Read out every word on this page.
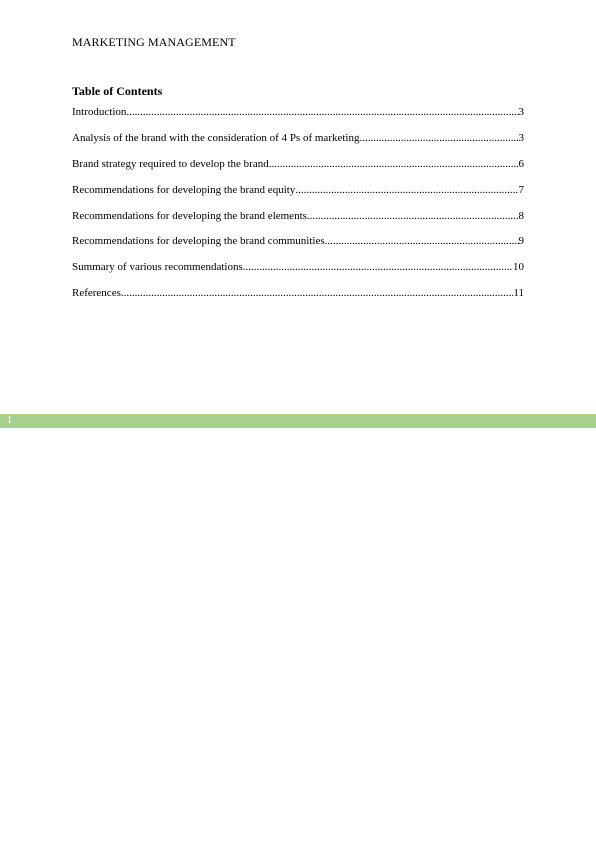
MARKETING MANAGEMENT
Table of Contents
Introduction .....	3
Analysis of the brand with the consideration of 4 Ps of marketing .....	3
Brand strategy required to develop the brand .....	6
Recommendations for developing the brand equity .....	7
Recommendations for developing the brand elements .....	8
Recommendations for developing the brand communities .....	9
Summary of various recommendations .....	10
References .....	11
1
